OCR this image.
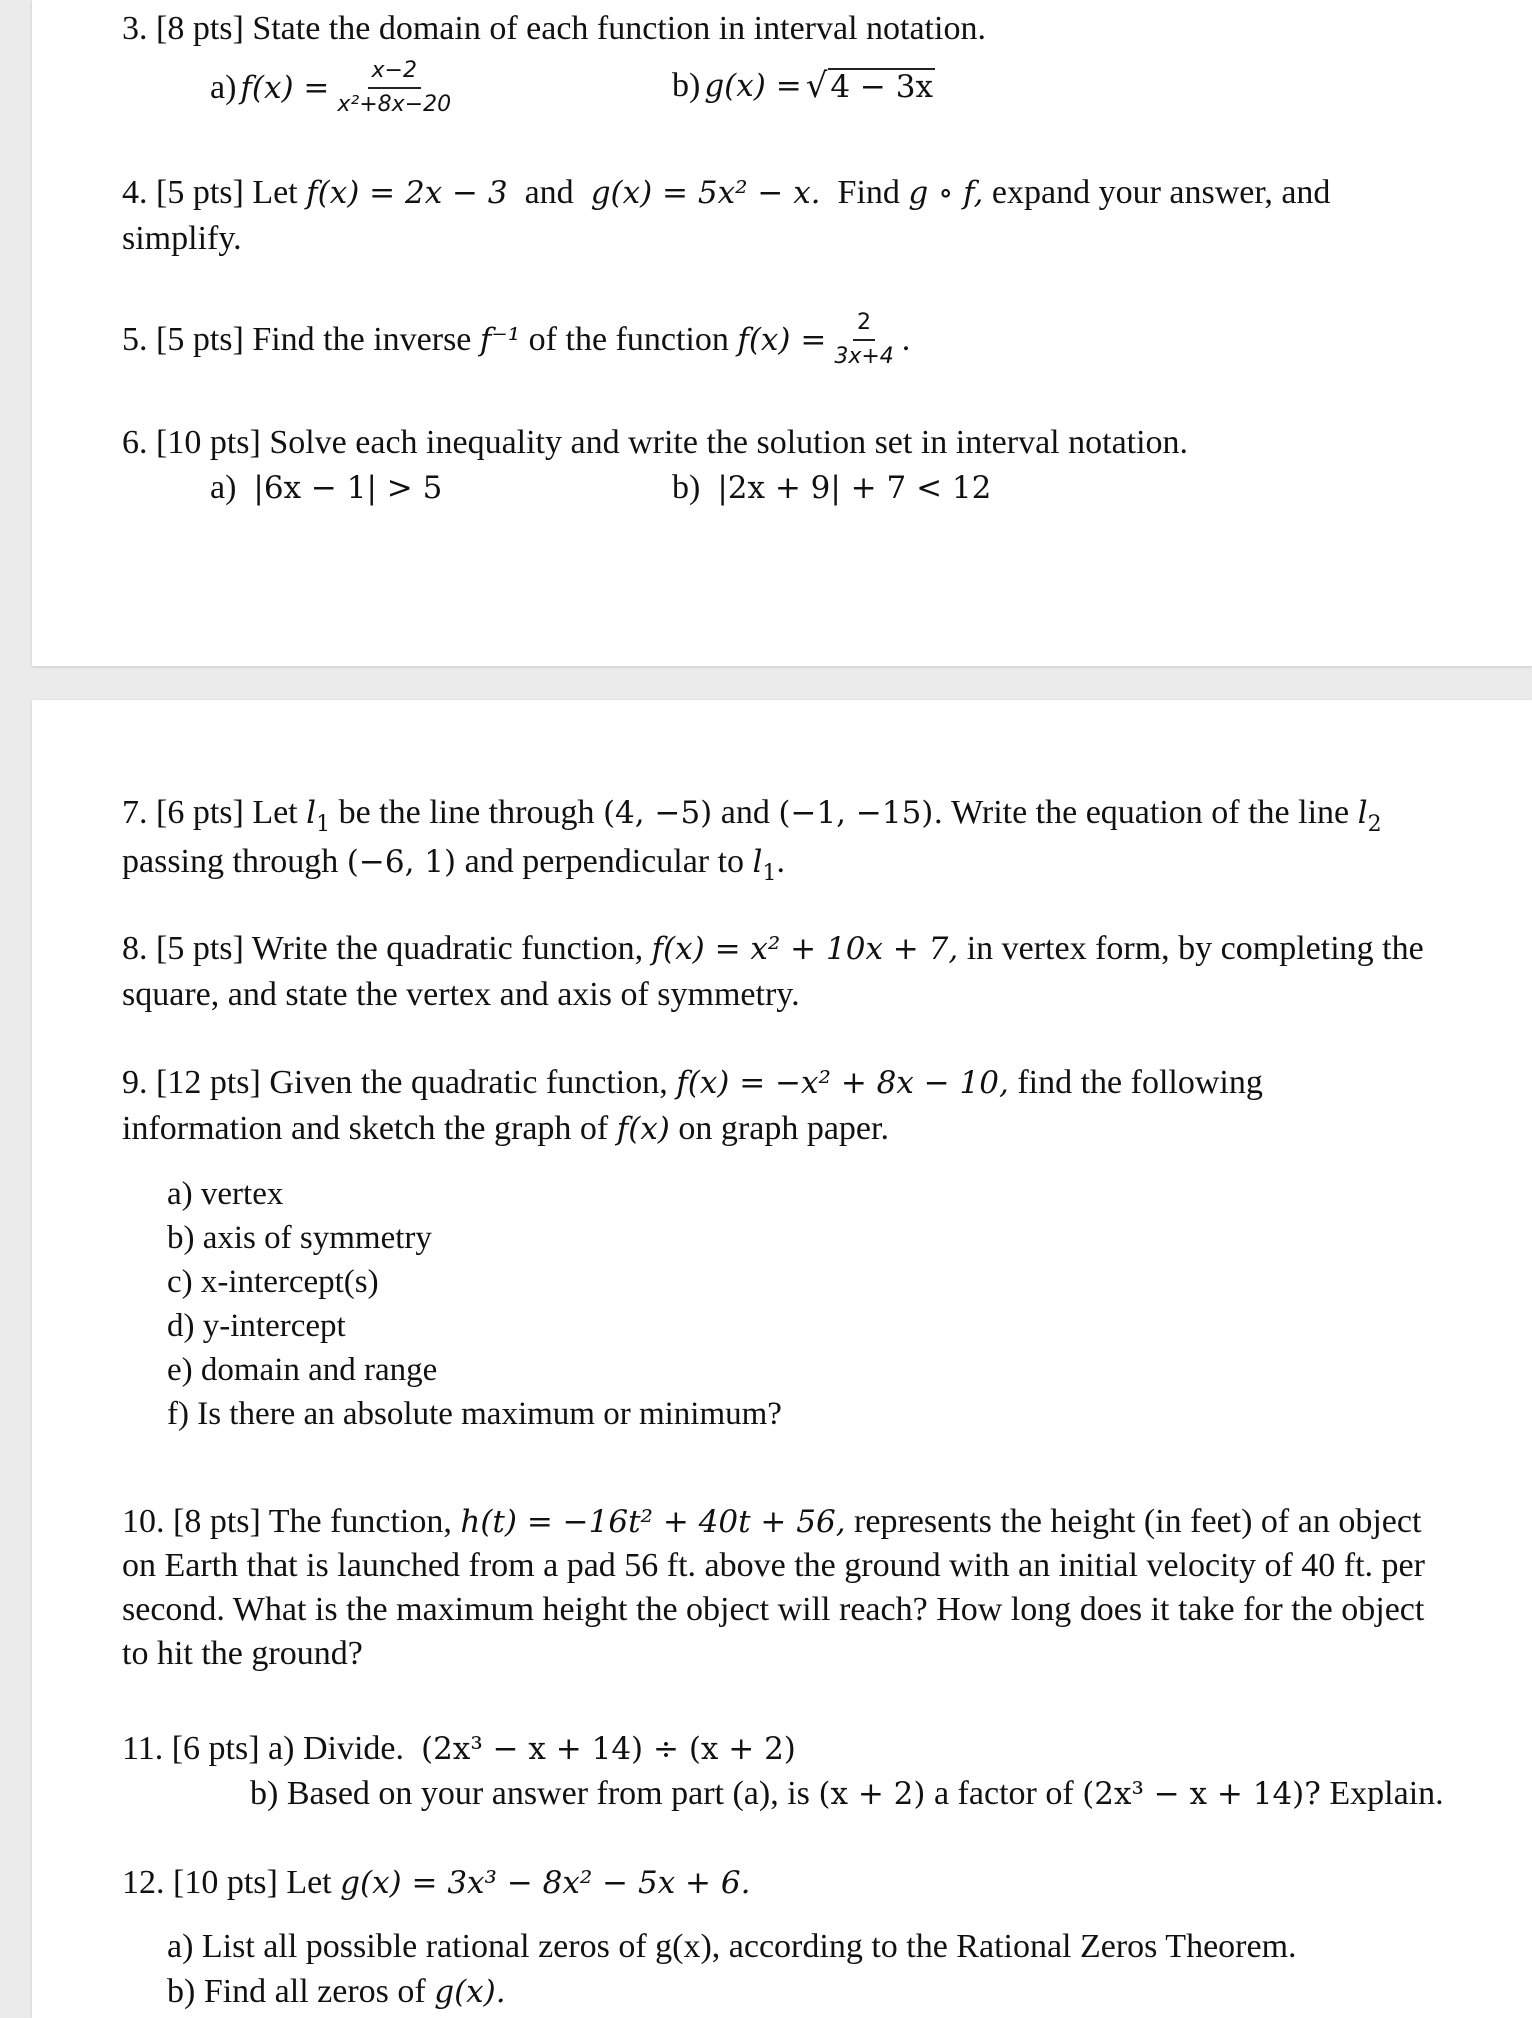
3. [8 pts] State the domain of each function in interval notation.
a)
$f(x) = \frac{x-2}{\text{x²+8x−20}}$	b)
g(x) =
√ 4 − 3x
4. [5 pts] Let f(x) = 2x − 3 and g(x) = 5x² − x. Find g ∘ f, expand your answer, and
simplify.
5. [5 pts] Find the inverse
f⁻¹
of the function
$f(x) = \frac{2}{3x+4}$ .
6. [10 pts] Solve each inequality and write the solution set in interval notation.
a) |6x − 1| > 5	b) |2x + 9| + 7 < 12
7. [6 pts] Let $l_1$ be the line through (4, −5) and (−1, −15). Write the equation of the line $l_2$
passing through (−6, 1) and perpendicular to $l_1$.
8. [5 pts] Write the quadratic function, f(x) = x² + 10x + 7, in vertex form, by completing the
square, and state the vertex and axis of symmetry.
9. [12 pts] Given the quadratic function, f(x) = −x² + 8x − 10, find the following
information and sketch the graph of f(x) on graph paper.
a) vertex
b) axis of symmetry
c) x-intercept(s)
d) y-intercept
e) domain and range
f) Is there an absolute maximum or minimum?
10. [8 pts] The function, h(t) = −16t² + 40t + 56, represents the height (in feet) of an object
on Earth that is launched from a pad 56 ft. above the ground with an initial velocity of 40 ft. per
second. What is the maximum height the object will reach? How long does it take for the object
to hit the ground?
11. [6 pts] a) Divide. (2x³ − x + 14) ÷ (x + 2)
b) Based on your answer from part (a), is (x + 2) a factor of (2x³ − x + 14)? Explain.
12. [10 pts] Let g(x) = 3x³ − 8x² − 5x + 6.
a) List all possible rational zeros of g(x), according to the Rational Zeros Theorem.
b) Find all zeros of g(x).
